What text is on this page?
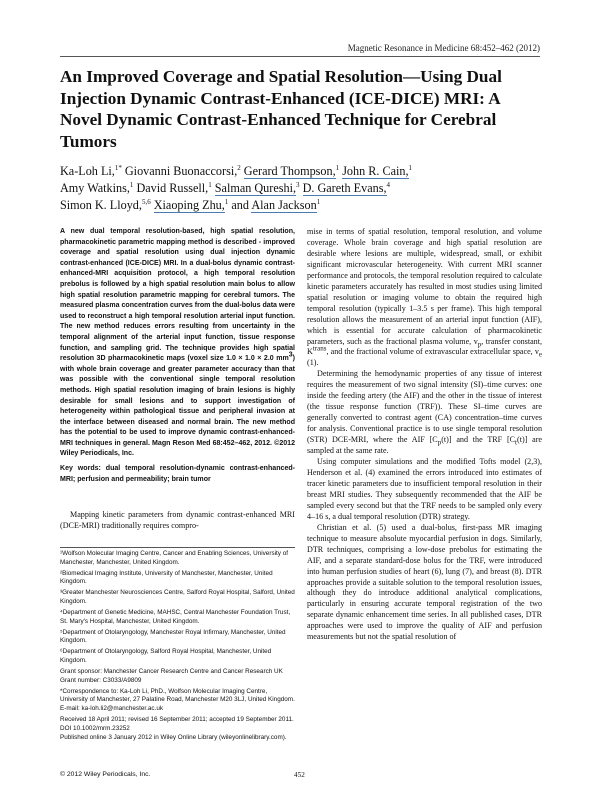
Magnetic Resonance in Medicine 68:452–462 (2012)
An Improved Coverage and Spatial Resolution—Using Dual Injection Dynamic Contrast-Enhanced (ICE-DICE) MRI: A Novel Dynamic Contrast-Enhanced Technique for Cerebral Tumors
Ka-Loh Li,$^{1*}$ Giovanni Buonaccorsi,$^2$ Gerard Thompson,$^1$ John R. Cain,$^1$
Amy Watkins,$^1$ David Russell,$^1$ Salman Qureshi,$^3$ D. Gareth Evans,$^4$
Simon K. Lloyd,$^{5,6}$ Xiaoping Zhu,$^1$ and Alan Jackson$^1$

A new dual temporal resolution-based, high spatial resolution, pharmacokinetic parametric mapping method is described - improved coverage and spatial resolution using dual injection dynamic contrast-enhanced (ICE-DICE) MRI. In a dual-bolus dynamic contrast-enhanced-MRI acquisition protocol, a high temporal resolution prebolus is followed by a high spatial resolution main bolus to allow high spatial resolution parametric mapping for cerebral tumors. The measured plasma concentration curves from the dual-bolus data were used to reconstruct a high temporal resolution arterial input function. The new method reduces errors resulting from uncertainty in the temporal alignment of the arterial input function, tissue response function, and sampling grid. The technique provides high spatial resolution 3D pharmacokinetic maps (voxel size 1.0 × 1.0 × 2.0 $mm^3$) with whole brain coverage and greater parameter accuracy than that was possible with the conventional single temporal resolution methods. High spatial resolution imaging of brain lesions is highly desirable for small lesions and to support investigation of heterogeneity within pathological tissue and peripheral invasion at the interface between diseased and normal brain. The new method has the potential to be used to improve dynamic contrast-enhanced-MRI techniques in general. Magn Reson Med 68:452–462, 2012. ©2012 Wiley Periodicals, Inc.

Key words: dual temporal resolution-dynamic contrast-enhanced-MRI; perfusion and permeability; brain tumor

Mapping kinetic parameters from dynamic contrast-enhanced MRI (DCE-MRI) traditionally requires compro-

¹Wolfson Molecular Imaging Centre, Cancer and Enabling Sciences, University of Manchester, Manchester, United Kingdom.
²Biomedical Imaging Institute, University of Manchester, Manchester, United Kingdom.
³Greater Manchester Neurosciences Centre, Salford Royal Hospital, Salford, United Kingdom.
⁴Department of Genetic Medicine, MAHSC, Central Manchester Foundation Trust, St. Mary's Hospital, Manchester, United Kingdom.
⁵Department of Otolaryngology, Manchester Royal Infirmary, Manchester, United Kingdom.
⁶Department of Otolaryngology, Salford Royal Hospital, Manchester, United Kingdom.
Grant sponsor: Manchester Cancer Research Centre and Cancer Research UK Grant number: C3033/A9809
*Correspondence to: Ka-Loh Li, PhD., Wolfson Molecular Imaging Centre, University of Manchester, 27 Palatine Road, Manchester M20 3LJ, United Kingdom. E-mail: ka-loh.li2@manchester.ac.uk
Received 18 April 2011; revised 16 September 2011; accepted 19 September 2011.
DOI 10.1002/mrm.23252
Published online 3 January 2012 in Wiley Online Library (wileyonlinelibrary.com).

mise in terms of spatial resolution, temporal resolution, and volume coverage. Whole brain coverage and high spatial resolution are desirable where lesions are multiple, widespread, small, or exhibit significant microvascular heterogeneity. With current MRI scanner performance and protocols, the temporal resolution required to calculate kinetic parameters accurately has resulted in most studies using limited spatial resolution or imaging volume to obtain the required high temporal resolution (typically 1–3.5 s per frame). This high temporal resolution allows the measurement of an arterial input function (AIF), which is essential for accurate calculation of pharmacokinetic parameters, such as the fractional plasma volume, $v_p$, transfer constant, $K^{trans}$, and the fractional volume of extravascular extracellular space, $v_e$ (1).

Determining the hemodynamic properties of any tissue of interest requires the measurement of two signal intensity (SI)–time curves: one inside the feeding artery (the AIF) and the other in the tissue of interest (the tissue response function (TRF)). These SI–time curves are generally converted to contrast agent (CA) concentration–time curves for analysis. Conventional practice is to use single temporal resolution (STR) DCE-MRI, where the AIF $[C_p(t)]$ and the TRF $[C_t(t)]$ are sampled at the same rate.

Using computer simulations and the modified Tofts model (2,3), Henderson et al. (4) examined the errors introduced into estimates of tracer kinetic parameters due to insufficient temporal resolution in their breast MRI studies. They subsequently recommended that the AIF be sampled every second but that the TRF needs to be sampled only every 4–16 s, a dual temporal resolution (DTR) strategy.

Christian et al. (5) used a dual-bolus, first-pass MR imaging technique to measure absolute myocardial perfusion in dogs. Similarly, DTR techniques, comprising a low-dose prebolus for estimating the AIF, and a separate standard-dose bolus for the TRF, were introduced into human perfusion studies of heart (6), lung (7), and breast (8). DTR approaches provide a suitable solution to the temporal resolution issues, although they do introduce additional analytical complications, particularly in ensuring accurate temporal registration of the two separate dynamic enhancement time series. In all published cases, DTR approaches were used to improve the quality of AIF and perfusion measurements but not the spatial resolution of

© 2012 Wiley Periodicals, Inc.	452
